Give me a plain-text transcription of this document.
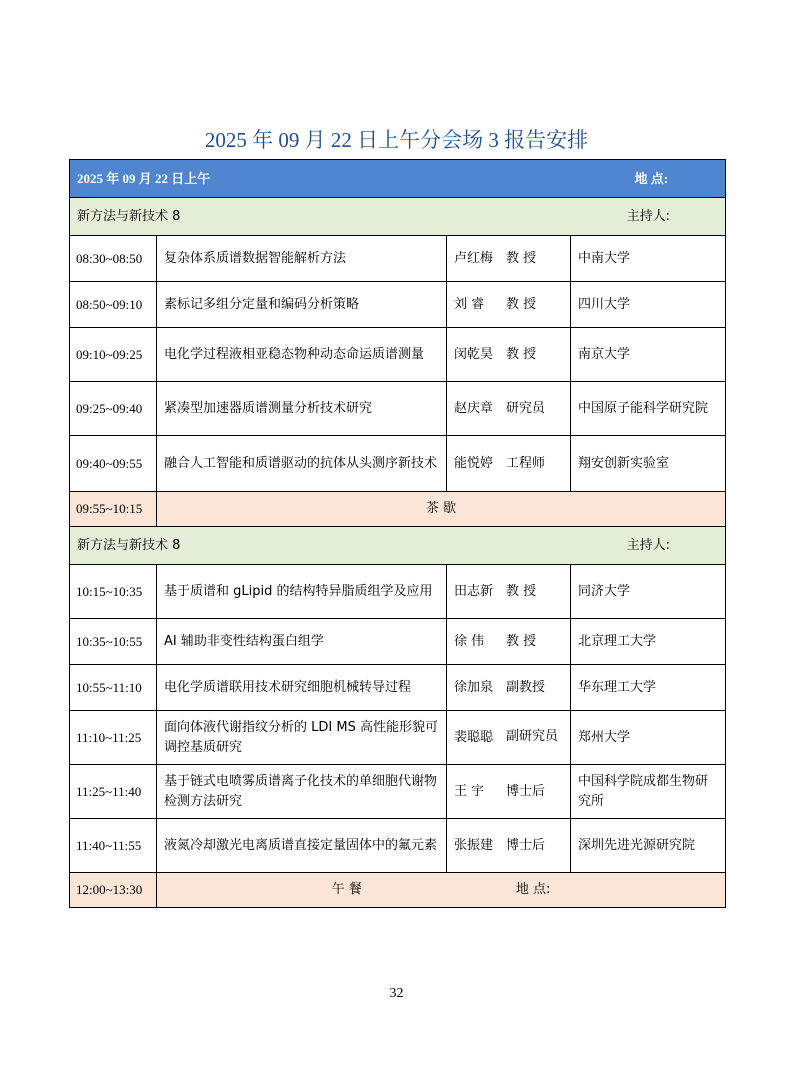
2025 年 09 月 22 日上午分会场 3 报告安排
2025 年 09 月 22 日上午 地 点:			

新方法与新技术 8 主持人:			

08:30~08:50	复杂体系质谱数据智能解析方法	卢红梅 教 授	中南大学
08:50~09:10	素标记多组分定量和编码分析策略	刘 睿 教 授	四川大学
09:10~09:25	电化学过程液相亚稳态物种动态命运质谱测量	闵乾昊 教 授	南京大学
09:25~09:40	紧凑型加速器质谱测量分析技术研究	赵庆章 研究员	中国原子能科学研究院
09:40~09:55	融合人工智能和质谱驱动的抗体从头测序新技术	能悦婷 工程师	翔安创新实验室
09:55~10:15	茶 歇		
新方法与新技术 8 主持人:			

10:15~10:35	基于质谱和 gLipid 的结构特异脂质组学及应用	田志新 教 授	同济大学
10:35~10:55	AI 辅助非变性结构蛋白组学	徐 伟 教 授	北京理工大学
10:55~11:10	电化学质谱联用技术研究细胞机械转导过程	徐加泉 副教授	华东理工大学
11:10~11:25	面向体液代谢指纹分析的 LDI MS 高性能形貌可调控基质研究	裴聪聪 副研究员	郑州大学
11:25~11:40	基于链式电喷雾质谱离子化技术的单细胞代谢物检测方法研究	王 宇 博士后	中国科学院成都生物研究所
11:40~11:55	液氮冷却激光电离质谱直接定量固体中的氟元素	张振建 博士后	深圳先进光源研究院
12:00~13:30	午 餐 地 点:		
32
